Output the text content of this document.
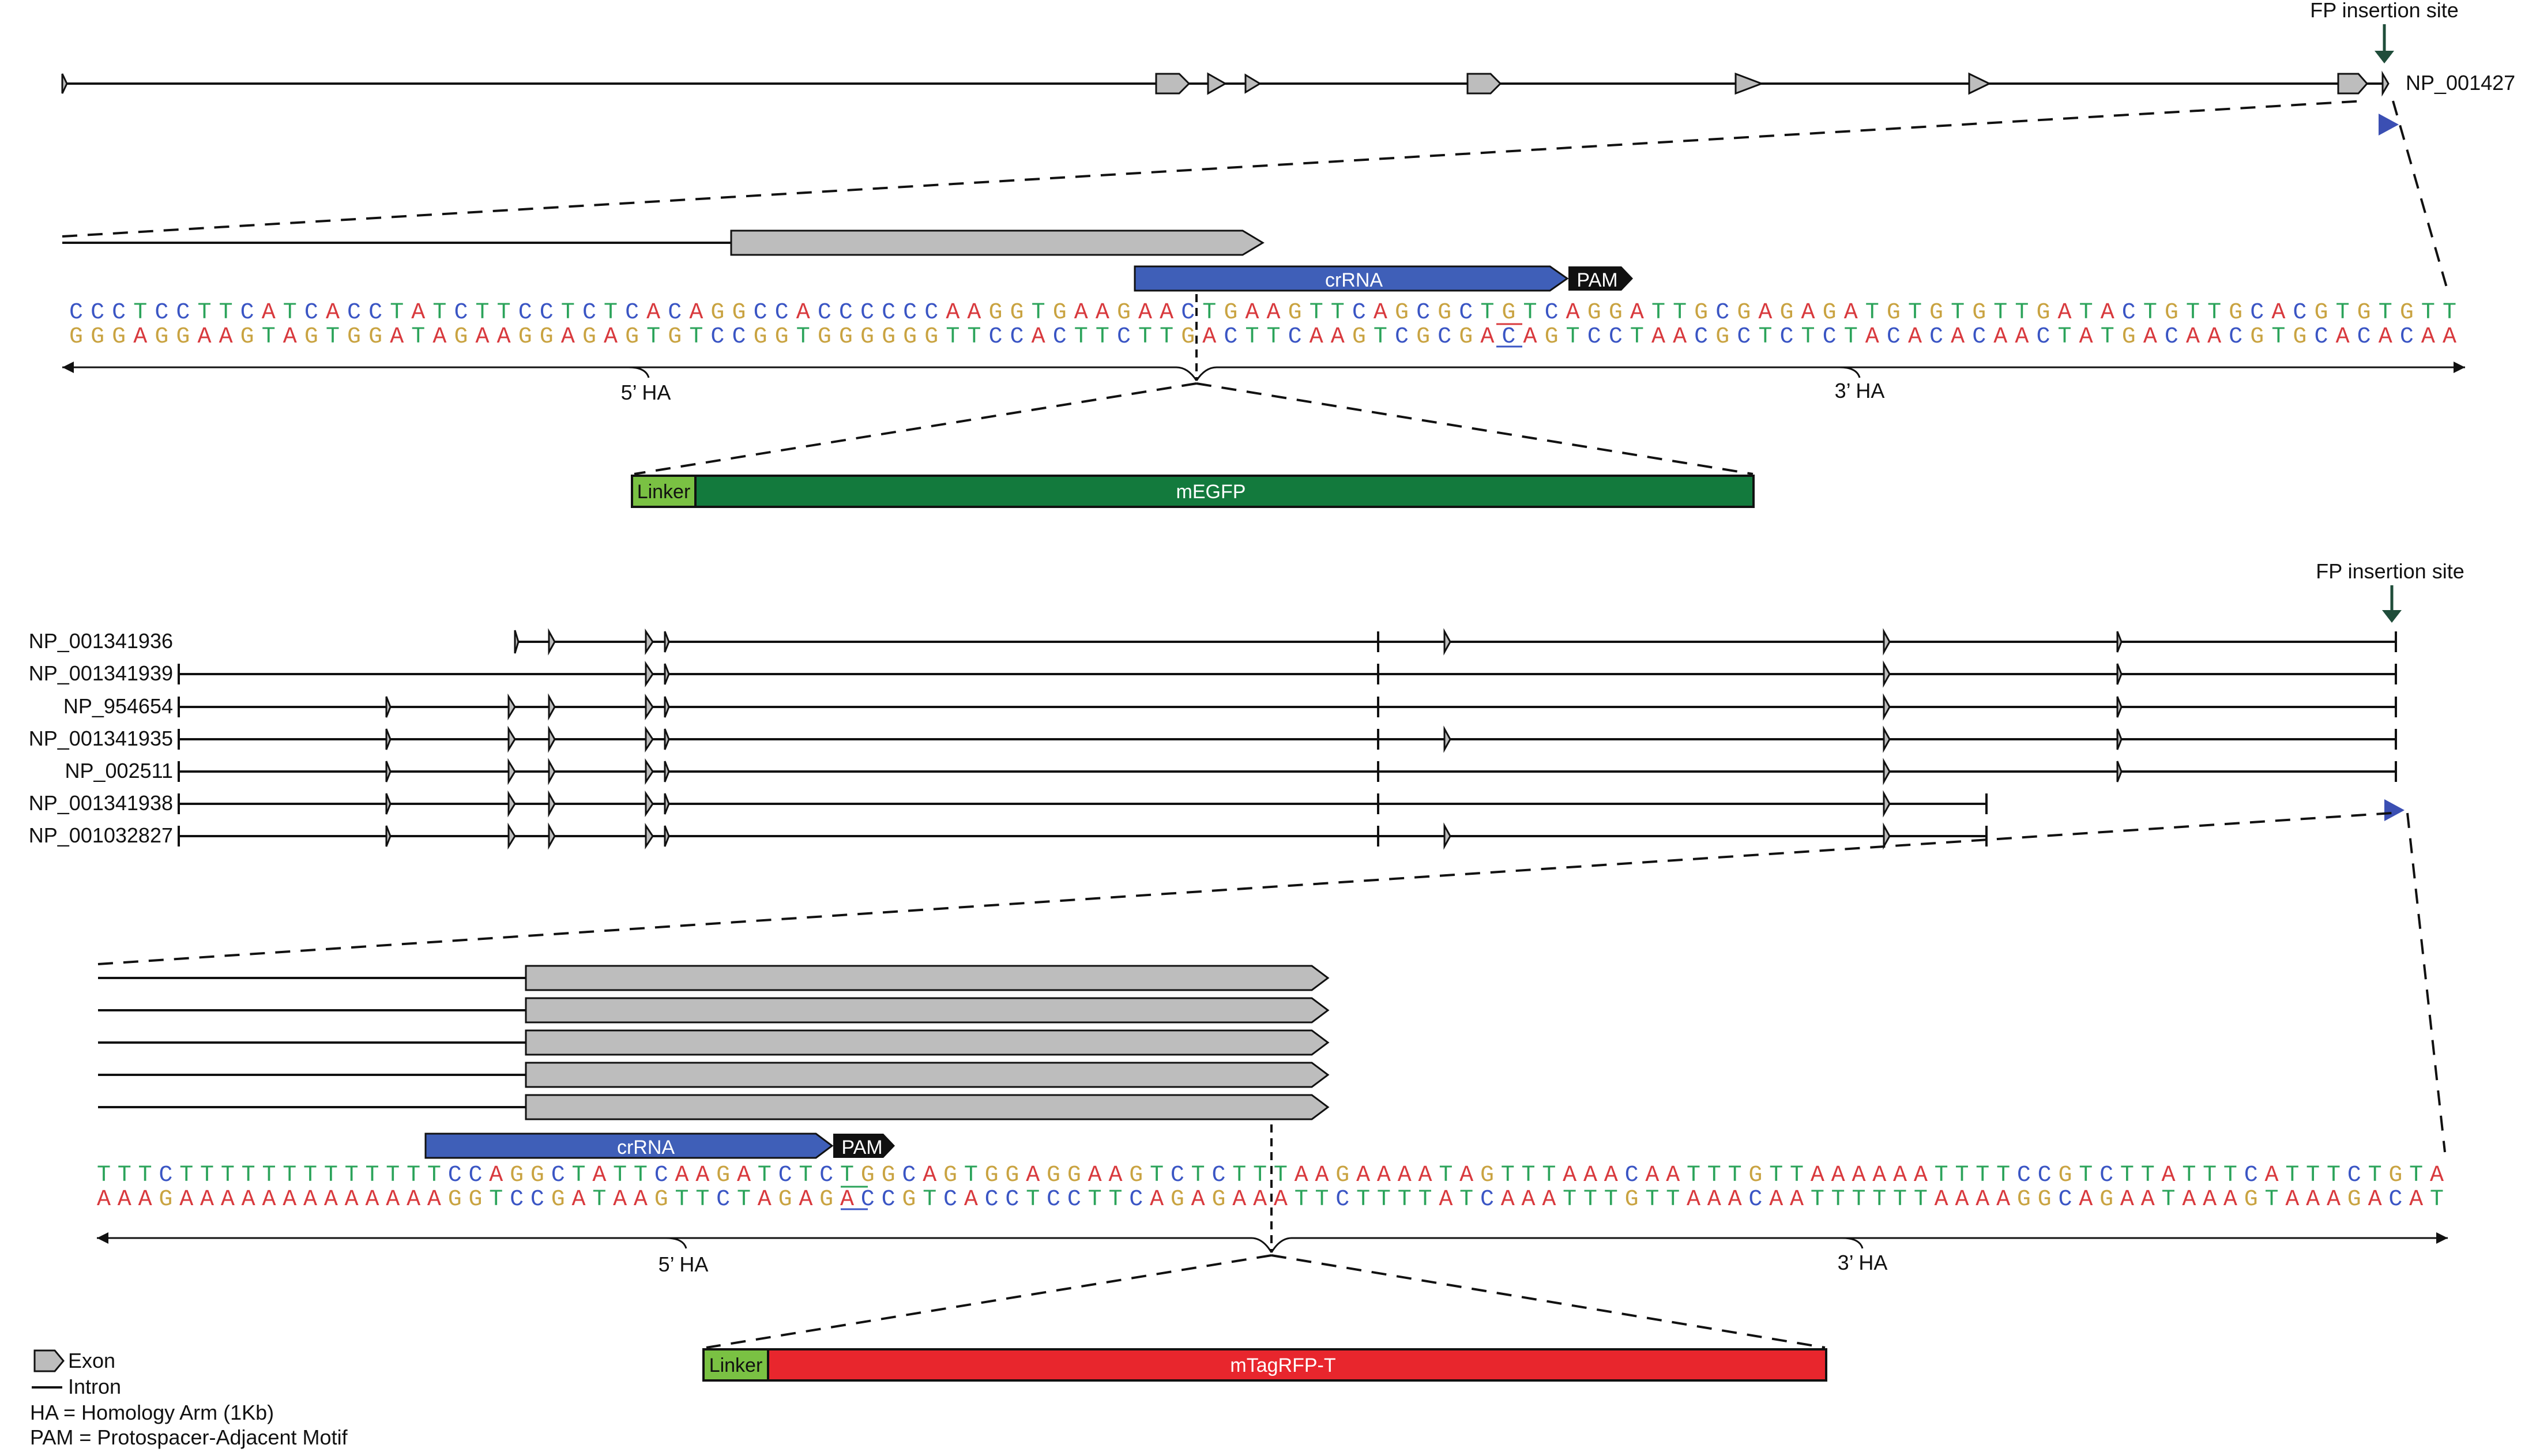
FP insertion site
NP_001427
crRNA	PAM
C C C T C C T T C A T C A C C T A T C T T C C T C T C A C A G G C C A C C C C C C A A G G T G A A G A A C T G A A G T T C A G C G C T G T C A G G A T T G C G A G A G A T G T G T G T T G A T A C T G T T G C A C G T G T G T T
G G G A G G A A G T A G T G G A T A G A A G G A G A G T G T C C G G T G G G G G G T T C C A C T T C T T G A C T T C A A G T C G C G A C A G T C C T A A C G C T C T C T A C A C A C A A C T A T G A C A A C G T G C A C A C A A
5’ HA	3’ HA
Linker	mEGFP
FP insertion site
NP_001341936
NP_001341939
NP_954654
NP_001341935
NP_002511
NP_001341938
NP_001032827
crRNA	PAM
T T T C T T T T T T T T T T T T T C C A G G C T A T T C A A G A T C T C T G G C A G T G G A G G A A G T C T C T T T A A G A A A A T A G T T T A A A C A A T T T G T T A A A A A A T T T T C C G T C T T A T T T C A T T T C T G T A
A A A G A A A A A A A A A A A A A G G T C C G A T A A G T T C T A G A G A C C G T C A C C T C C T T C A G A G A A A T T C T T T T A T C A A A T T T G T T A A A C A A T T T T T T A A A A G G C A G A A T A A A G T A A A G A C A T
5’ HA	3’ HA
Linker	mTagRFP-T
Exon
Intron
HA = Homology Arm (1Kb)
PAM = Protospacer-Adjacent Motif
